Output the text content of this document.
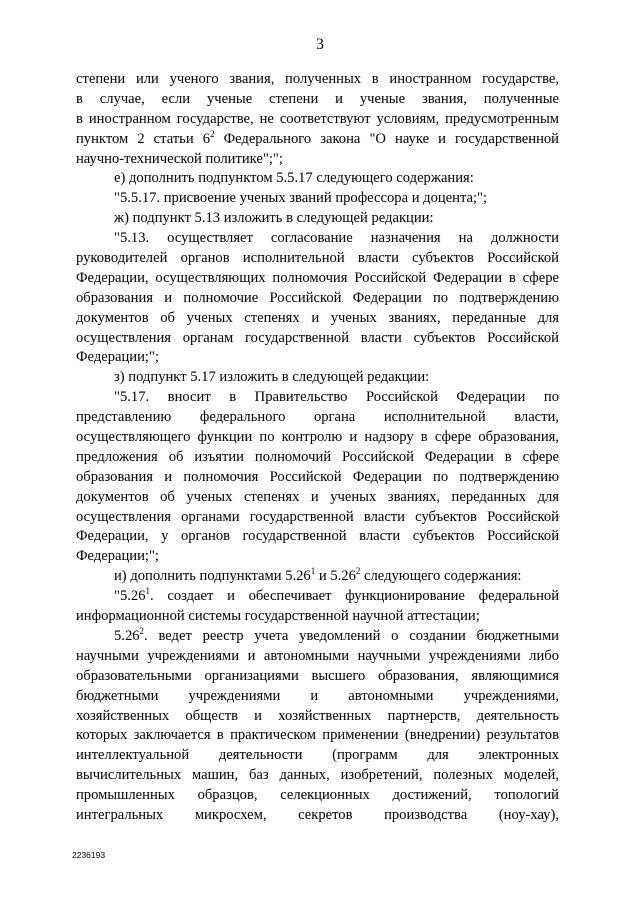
3
степени или ученого звания, полученных в иностранном государстве,
в случае, если ученые степени и ученые звания, полученные
в иностранном государстве, не соответствуют условиям, предусмотренным
пунктом 2 статьи $6^2$ Федерального закона "О науке и государственной
научно-технической политике";";
е) дополнить подпунктом 5.5.17 следующего содержания:
"5.5.17. присвоение ученых званий профессора и доцента;";
ж) подпункт 5.13 изложить в следующей редакции:
"5.13. осуществляет согласование назначения на должности
руководителей органов исполнительной власти субъектов Российской
Федерации, осуществляющих полномочия Российской Федерации в сфере
образования и полномочие Российской Федерации по подтверждению
документов об ученых степенях и ученых званиях, переданные для
осуществления органам государственной власти субъектов Российской
Федерации;";
з) подпункт 5.17 изложить в следующей редакции:
"5.17. вносит в Правительство Российской Федерации по
представлению федерального органа исполнительной власти,
осуществляющего функции по контролю и надзору в сфере образования,
предложения об изъятии полномочий Российской Федерации в сфере
образования и полномочия Российской Федерации по подтверждению
документов об ученых степенях и ученых званиях, переданных для
осуществления органами государственной власти субъектов Российской
Федерации, у органов государственной власти субъектов Российской
Федерации;";
и) дополнить подпунктами 5.26$^1$ и 5.26$^2$ следующего содержания:
"5.26$^1$. создает и обеспечивает функционирование федеральной
информационной системы государственной научной аттестации;
5.26$^2$. ведет реестр учета уведомлений о создании бюджетными
научными учреждениями и автономными научными учреждениями либо
образовательными организациями высшего образования, являющимися
бюджетными учреждениями и автономными учреждениями,
хозяйственных обществ и хозяйственных партнерств, деятельность
которых заключается в практическом применении (внедрении) результатов
интеллектуальной деятельности (программ для электронных
вычислительных машин, баз данных, изобретений, полезных моделей,
промышленных образцов, селекционных достижений, топологий
интегральных микросхем, секретов производства (ноу-хау),
2236193
